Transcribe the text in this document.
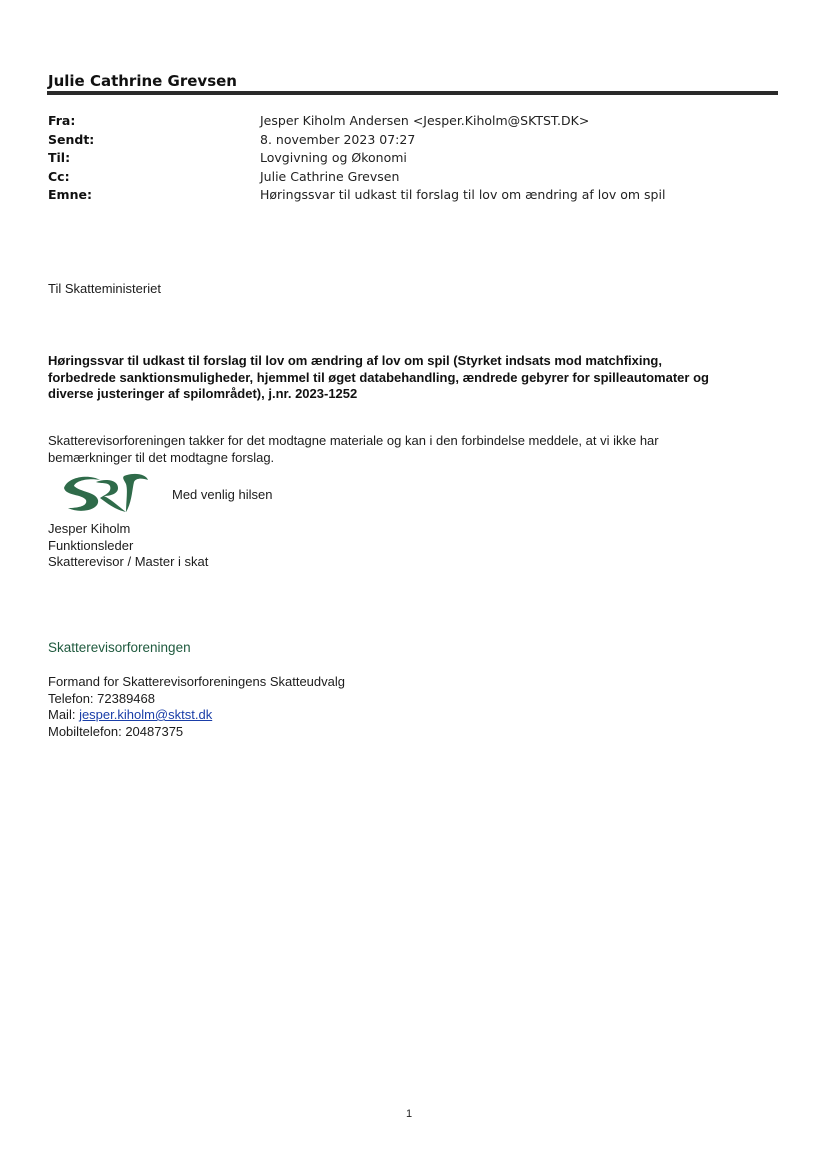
Julie Cathrine Grevsen
Fra:	Jesper Kiholm Andersen <Jesper.Kiholm@SKTST.DK>
Sendt:	8. november 2023 07:27
Til:	Lovgivning og Økonomi
Cc:	Julie Cathrine Grevsen
Emne:	Høringssvar til udkast til forslag til lov om ændring af lov om spil
Til Skatteministeriet
Høringssvar til udkast til forslag til lov om ændring af lov om spil (Styrket indsats mod matchfixing,
forbedrede sanktionsmuligheder, hjemmel til øget databehandling, ændrede gebyrer for spilleautomater og
diverse justeringer af spilområdet), j.nr. 2023-1252
Skatterevisorforeningen takker for det modtagne materiale og kan i den forbindelse meddele, at vi ikke har
bemærkninger til det modtagne forslag.
Med venlig hilsen
Jesper Kiholm
Funktionsleder
Skatterevisor / Master i skat
Skatterevisorforeningen
Formand for Skatterevisorforeningens Skatteudvalg
Telefon: 72389468
Mail: jesper.kiholm@sktst.dk
Mobiltelefon: 20487375
1
